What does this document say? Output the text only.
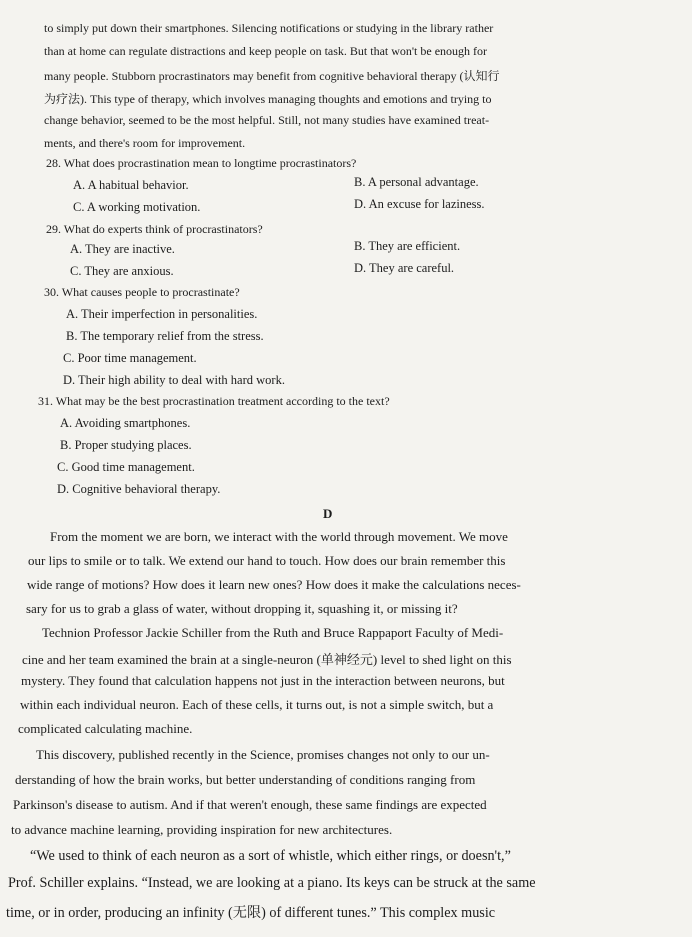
to simply put down their smartphones. Silencing notifications or studying in the library rather
than at home can regulate distractions and keep people on task. But that won't be enough for
many people. Stubborn procrastinators may benefit from cognitive behavioral therapy (认知行
为疗法). This type of therapy, which involves managing thoughts and emotions and trying to
change behavior, seemed to be the most helpful. Still, not many studies have examined treat-
ments, and there's room for improvement.
28. What does procrastination mean to longtime procrastinators?
A. A habitual behavior.	B. A personal advantage.
C. A working motivation.	D. An excuse for laziness.
29. What do experts think of procrastinators?
A. They are inactive.	B. They are efficient.
C. They are anxious.	D. They are careful.
30. What causes people to procrastinate?
A. Their imperfection in personalities.
B. The temporary relief from the stress.
C. Poor time management.
D. Their high ability to deal with hard work.
31. What may be the best procrastination treatment according to the text?
A. Avoiding smartphones.
B. Proper studying places.
C. Good time management.
D. Cognitive behavioral therapy.
D
From the moment we are born, we interact with the world through movement. We move
our lips to smile or to talk. We extend our hand to touch. How does our brain remember this
wide range of motions? How does it learn new ones? How does it make the calculations neces-
sary for us to grab a glass of water, without dropping it, squashing it, or missing it?
Technion Professor Jackie Schiller from the Ruth and Bruce Rappaport Faculty of Medi-
cine and her team examined the brain at a single-neuron (单神经元) level to shed light on this
mystery. They found that calculation happens not just in the interaction between neurons, but
within each individual neuron. Each of these cells, it turns out, is not a simple switch, but a
complicated calculating machine.
This discovery, published recently in the Science, promises changes not only to our un-
derstanding of how the brain works, but better understanding of conditions ranging from
Parkinson's disease to autism. And if that weren't enough, these same findings are expected
to advance machine learning, providing inspiration for new architectures.
“We used to think of each neuron as a sort of whistle, which either rings, or doesn't,”
Prof. Schiller explains. “Instead, we are looking at a piano. Its keys can be struck at the same
time, or in order, producing an infinity (无限) of different tunes.” This complex music
